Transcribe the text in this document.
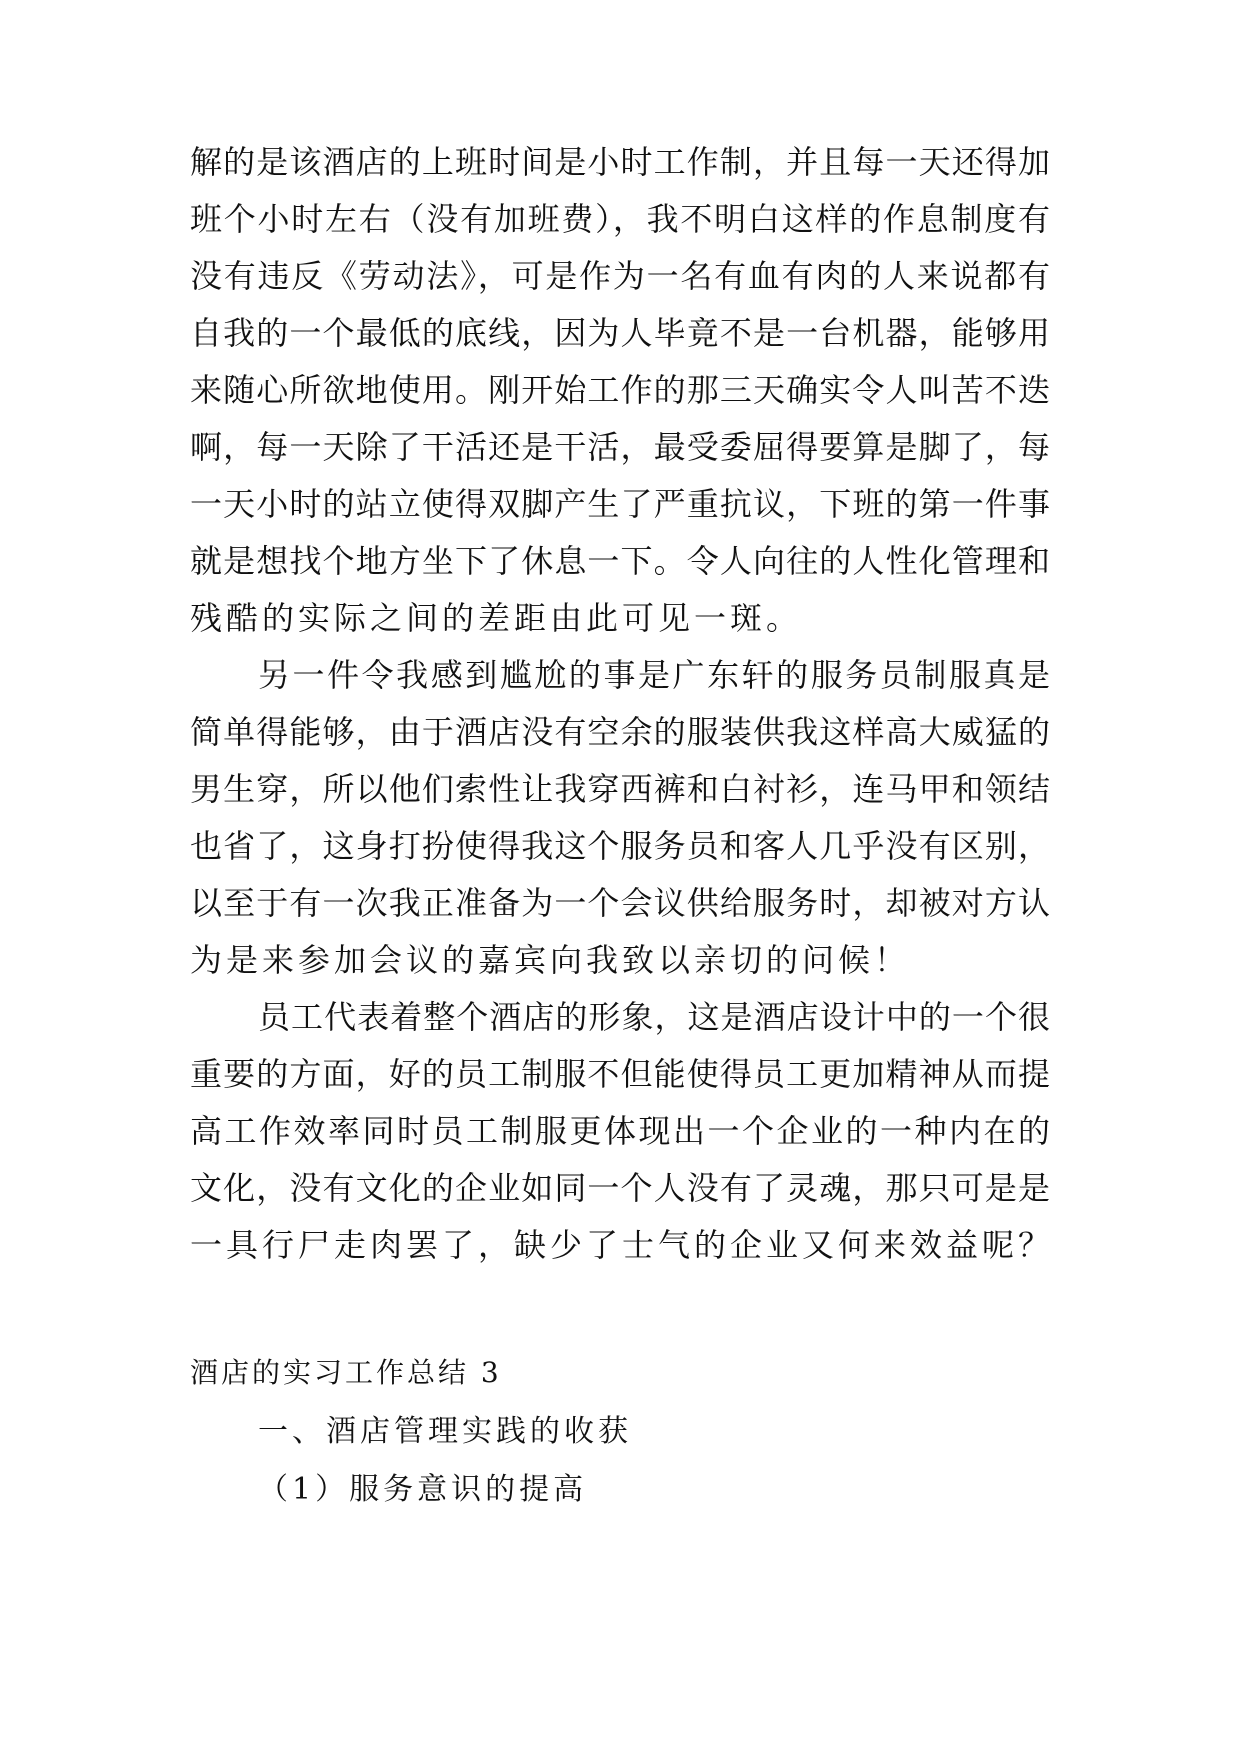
解的是该酒店的上班时间是小时工作制，并且每一天还得加
班个小时左右（没有加班费），我不明白这样的作息制度有
没有违反《劳动法》，可是作为一名有血有肉的人来说都有
自我的一个最低的底线，因为人毕竟不是一台机器，能够用
来随心所欲地使用。刚开始工作的那三天确实令人叫苦不迭
啊，每一天除了干活还是干活，最受委屈得要算是脚了，每
一天小时的站立使得双脚产生了严重抗议，下班的第一件事
就是想找个地方坐下了休息一下。令人向往的人性化管理和
残酷的实际之间的差距由此可见一斑。
另一件令我感到尴尬的事是广东轩的服务员制服真是
简单得能够，由于酒店没有空余的服装供我这样高大威猛的
男生穿，所以他们索性让我穿西裤和白衬衫，连马甲和领结
也省了，这身打扮使得我这个服务员和客人几乎没有区别，
以至于有一次我正准备为一个会议供给服务时，却被对方认
为是来参加会议的嘉宾向我致以亲切的问候！
员工代表着整个酒店的形象，这是酒店设计中的一个很
重要的方面，好的员工制服不但能使得员工更加精神从而提
高工作效率同时员工制服更体现出一个企业的一种内在的
文化，没有文化的企业如同一个人没有了灵魂，那只可是是
一具行尸走肉罢了，缺少了士气的企业又何来效益呢？
酒店的实习工作总结 3
一、酒店管理实践的收获
（1）服务意识的提高
